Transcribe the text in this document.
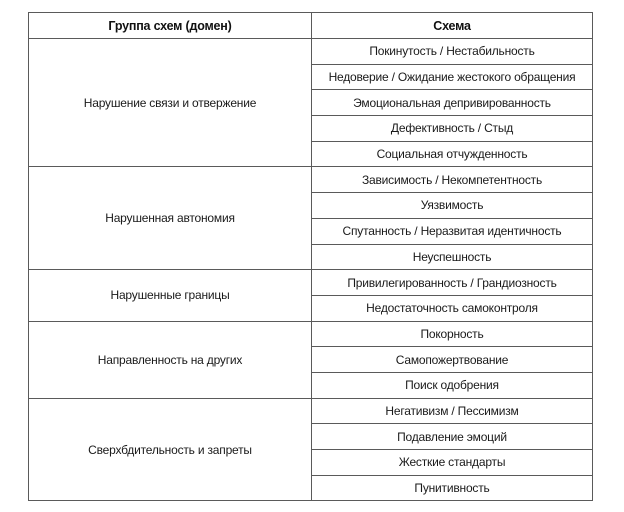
Группа схем (домен)	Схема
Нарушение связи и отвержение	Покинутость / Нестабильность
	Недоверие / Ожидание жестокого обращения
	Эмоциональная депривированность
	Дефективность / Стыд
	Социальная отчужденность
Нарушенная автономия	Зависимость / Некомпетентность
	Уязвимость
	Спутанность / Неразвитая идентичность
	Неуспешность
Нарушенные границы	Привилегированность / Грандиозность
	Недостаточность самоконтроля
Направленность на других	Покорность
	Самопожертвование
	Поиск одобрения
Сверхбдительность и запреты	Негативизм / Пессимизм
	Подавление эмоций
	Жесткие стандарты
	Пунитивность
